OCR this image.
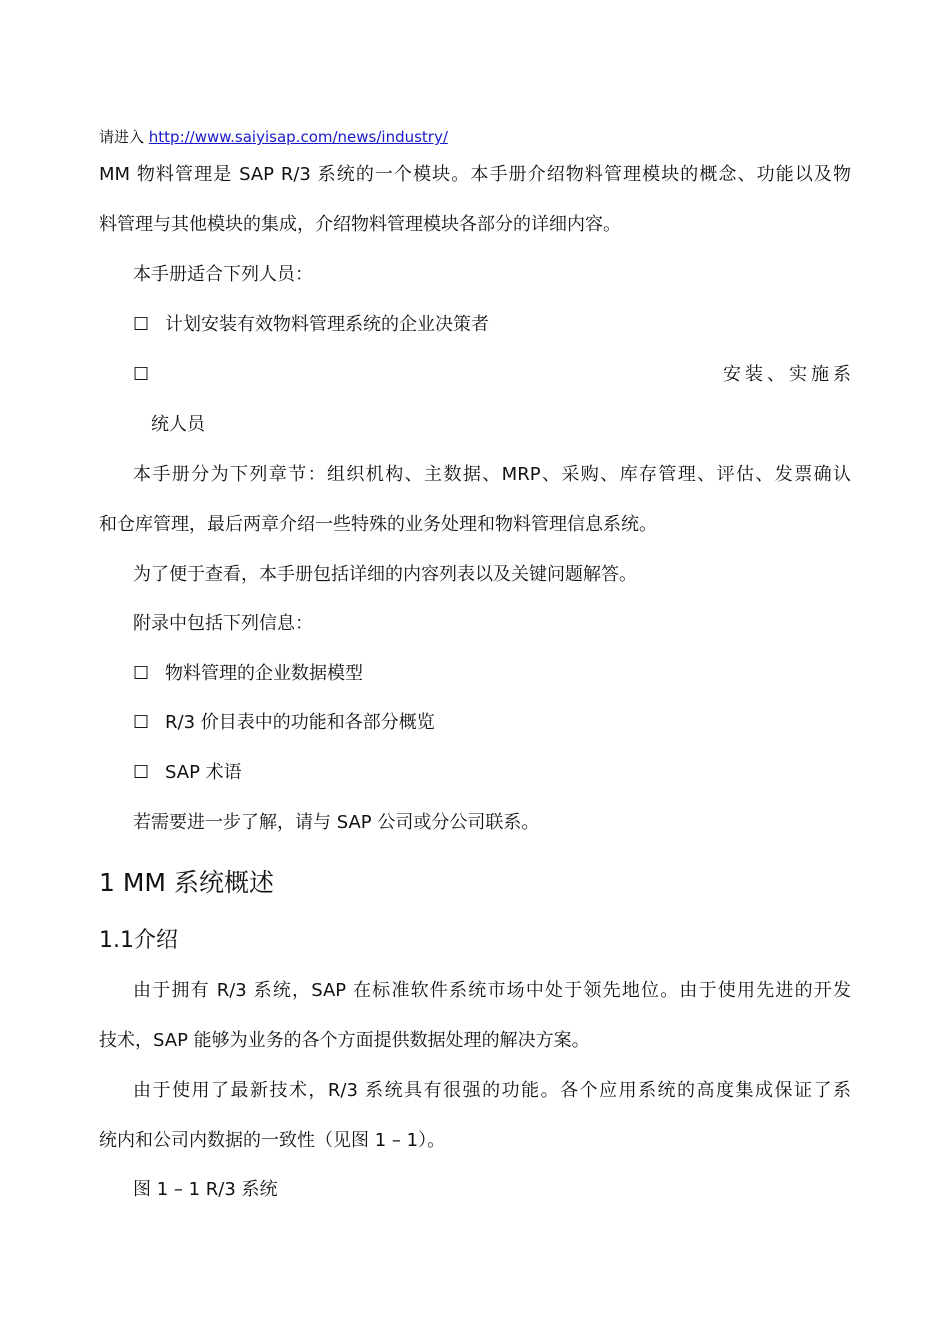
请进入 http://www.saiyisap.com/news/industry/
MM 物料管理是 SAP R/3 系统的一个模块。本手册介绍物料管理模块的概念、功能以及物
料管理与其他模块的集成，介绍物料管理模块各部分的详细内容。
本手册适合下列人员：
☐ 计划安装有效物料管理系统的企业决策者
☐	安装、实施系
统人员
本手册分为下列章节：组织机构、主数据、MRP、采购、库存管理、评估、发票确认
和仓库管理，最后两章介绍一些特殊的业务处理和物料管理信息系统。
为了便于查看，本手册包括详细的内容列表以及关键问题解答。
附录中包括下列信息：
☐ 物料管理的企业数据模型
☐ R/3 价目表中的功能和各部分概览
☐ SAP 术语
若需要进一步了解，请与 SAP 公司或分公司联系。
1 MM 系统概述
1.1介绍
由于拥有 R/3 系统，SAP 在标准软件系统市场中处于领先地位。由于使用先进的开发
技术，SAP 能够为业务的各个方面提供数据处理的解决方案。
由于使用了最新技术，R/3 系统具有很强的功能。各个应用系统的高度集成保证了系
统内和公司内数据的一致性（见图 1 – 1）。
图 1 – 1 R/3 系统
